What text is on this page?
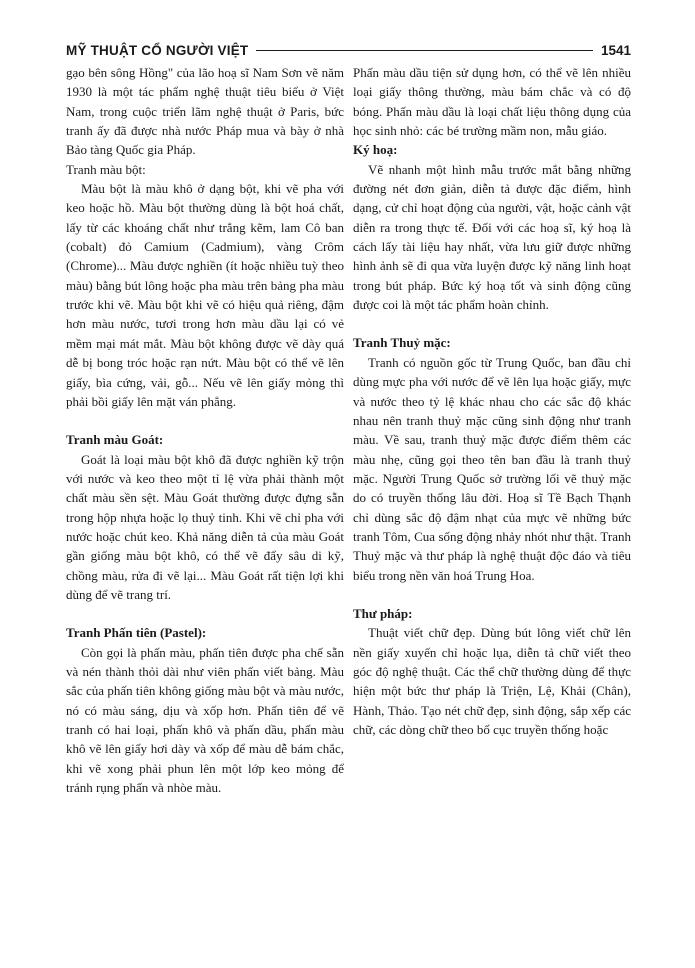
MỸ THUẬT CỔ NGƯỜI VIỆT	1541

gạo bên sông Hồng" của lão hoạ sĩ Nam Sơn vẽ năm 1930 là một tác phẩm nghệ thuật tiêu biểu ở Việt Nam, trong cuộc triển lãm nghệ thuật ở Paris, bức tranh ấy đã được nhà nước Pháp mua và bày ở nhà Bảo tàng Quốc gia Pháp.

Tranh màu bột:

Màu bột là màu khô ở dạng bột, khi vẽ pha với keo hoặc hồ. Màu bột thường dùng là bột hoá chất, lấy từ các khoáng chất như trắng kẽm, lam Cô ban (cobalt) đỏ Camium (Cadmium), vàng Crôm (Chrome)... Màu được nghiền (ít hoặc nhiều tuỳ theo màu) bằng bút lông hoặc pha màu trên bảng pha màu trước khi vẽ. Màu bột khi vẽ có hiệu quả riêng, đậm hơn màu nước, tươi trong hơn màu dầu lại có vẻ mềm mại mát mắt. Màu bột không được vẽ dày quá dễ bị bong tróc hoặc rạn nứt. Màu bột có thể vẽ lên giấy, bìa cứng, vải, gỗ... Nếu vẽ lên giấy mỏng thì phải bồi giấy lên mặt ván phẳng.

Tranh màu Goát:

Goát là loại màu bột khô đã được nghiền kỹ trộn với nước và keo theo một tỉ lệ vừa phải thành một chất màu sền sệt. Màu Goát thường được đựng sẵn trong hộp nhựa hoặc lọ thuỷ tinh. Khi vẽ chỉ pha với nước hoặc chút keo. Khả năng diễn tả của màu Goát gần giống màu bột khô, có thể vẽ đẩy sâu di kỹ, chồng màu, rửa đi vẽ lại... Màu Goát rất tiện lợi khi dùng để vẽ trang trí.

Tranh Phấn tiên (Pastel):

Còn gọi là phấn màu, phấn tiên được pha chế sẵn và nén thành thỏi dài như viên phấn viết bảng. Màu sắc của phấn tiên không giống màu bột và màu nước, nó có màu sáng, dịu và xốp hơn. Phấn tiên để vẽ tranh có hai loại, phấn khô và phấn dầu, phấn màu khô vẽ lên giấy hơi dày và xốp để màu dễ bám chắc, khi vẽ xong phải phun lên một lớp keo mỏng để tránh rụng phấn và nhòe màu.

Phấn màu dầu tiện sử dụng hơn, có thể vẽ lên nhiều loại giấy thông thường, màu bám chắc và có độ bóng. Phấn màu dầu là loại chất liệu thông dụng của học sinh nhỏ: các bé trường mầm non, mẫu giáo.

Ký hoạ:

Vẽ nhanh một hình mẫu trước mắt bằng những đường nét đơn giản, diễn tả được đặc điểm, hình dạng, cử chỉ hoạt động của người, vật, hoặc cảnh vật diễn ra trong thực tế. Đối với các hoạ sĩ, ký hoạ là cách lấy tài liệu hay nhất, vừa lưu giữ được những hình ảnh sẽ đi qua vừa luyện được kỹ năng linh hoạt trong bút pháp. Bức ký hoạ tốt và sinh động cũng được coi là một tác phẩm hoàn chỉnh.

Tranh Thuỷ mặc:

Tranh có nguồn gốc từ Trung Quốc, ban đầu chỉ dùng mực pha với nước để vẽ lên lụa hoặc giấy, mực và nước theo tỷ lệ khác nhau cho các sắc độ khác nhau nên tranh thuỷ mặc cũng sinh động như tranh màu. Về sau, tranh thuỷ mặc được điểm thêm các màu nhẹ, cũng gọi theo tên ban đầu là tranh thuỷ mặc. Người Trung Quốc sở trường lối vẽ thuỷ mặc do có truyền thống lâu đời. Hoạ sĩ Tề Bạch Thạnh chỉ dùng sắc độ đậm nhạt của mực vẽ những bức tranh Tôm, Cua sống động nhảy nhót như thật. Tranh Thuỷ mặc và thư pháp là nghệ thuật độc đáo và tiêu biểu trong nền văn hoá Trung Hoa.

Thư pháp:

Thuật viết chữ đẹp. Dùng bút lông viết chữ lên nền giấy xuyến chỉ hoặc lụa, diễn tả chữ viết theo góc độ nghệ thuật. Các thể chữ thường dùng để thực hiện một bức thư pháp là Triện, Lệ, Khải (Chân), Hành, Thảo. Tạo nét chữ đẹp, sinh động, sắp xếp các chữ, các dòng chữ theo bố cục truyền thống hoặc
